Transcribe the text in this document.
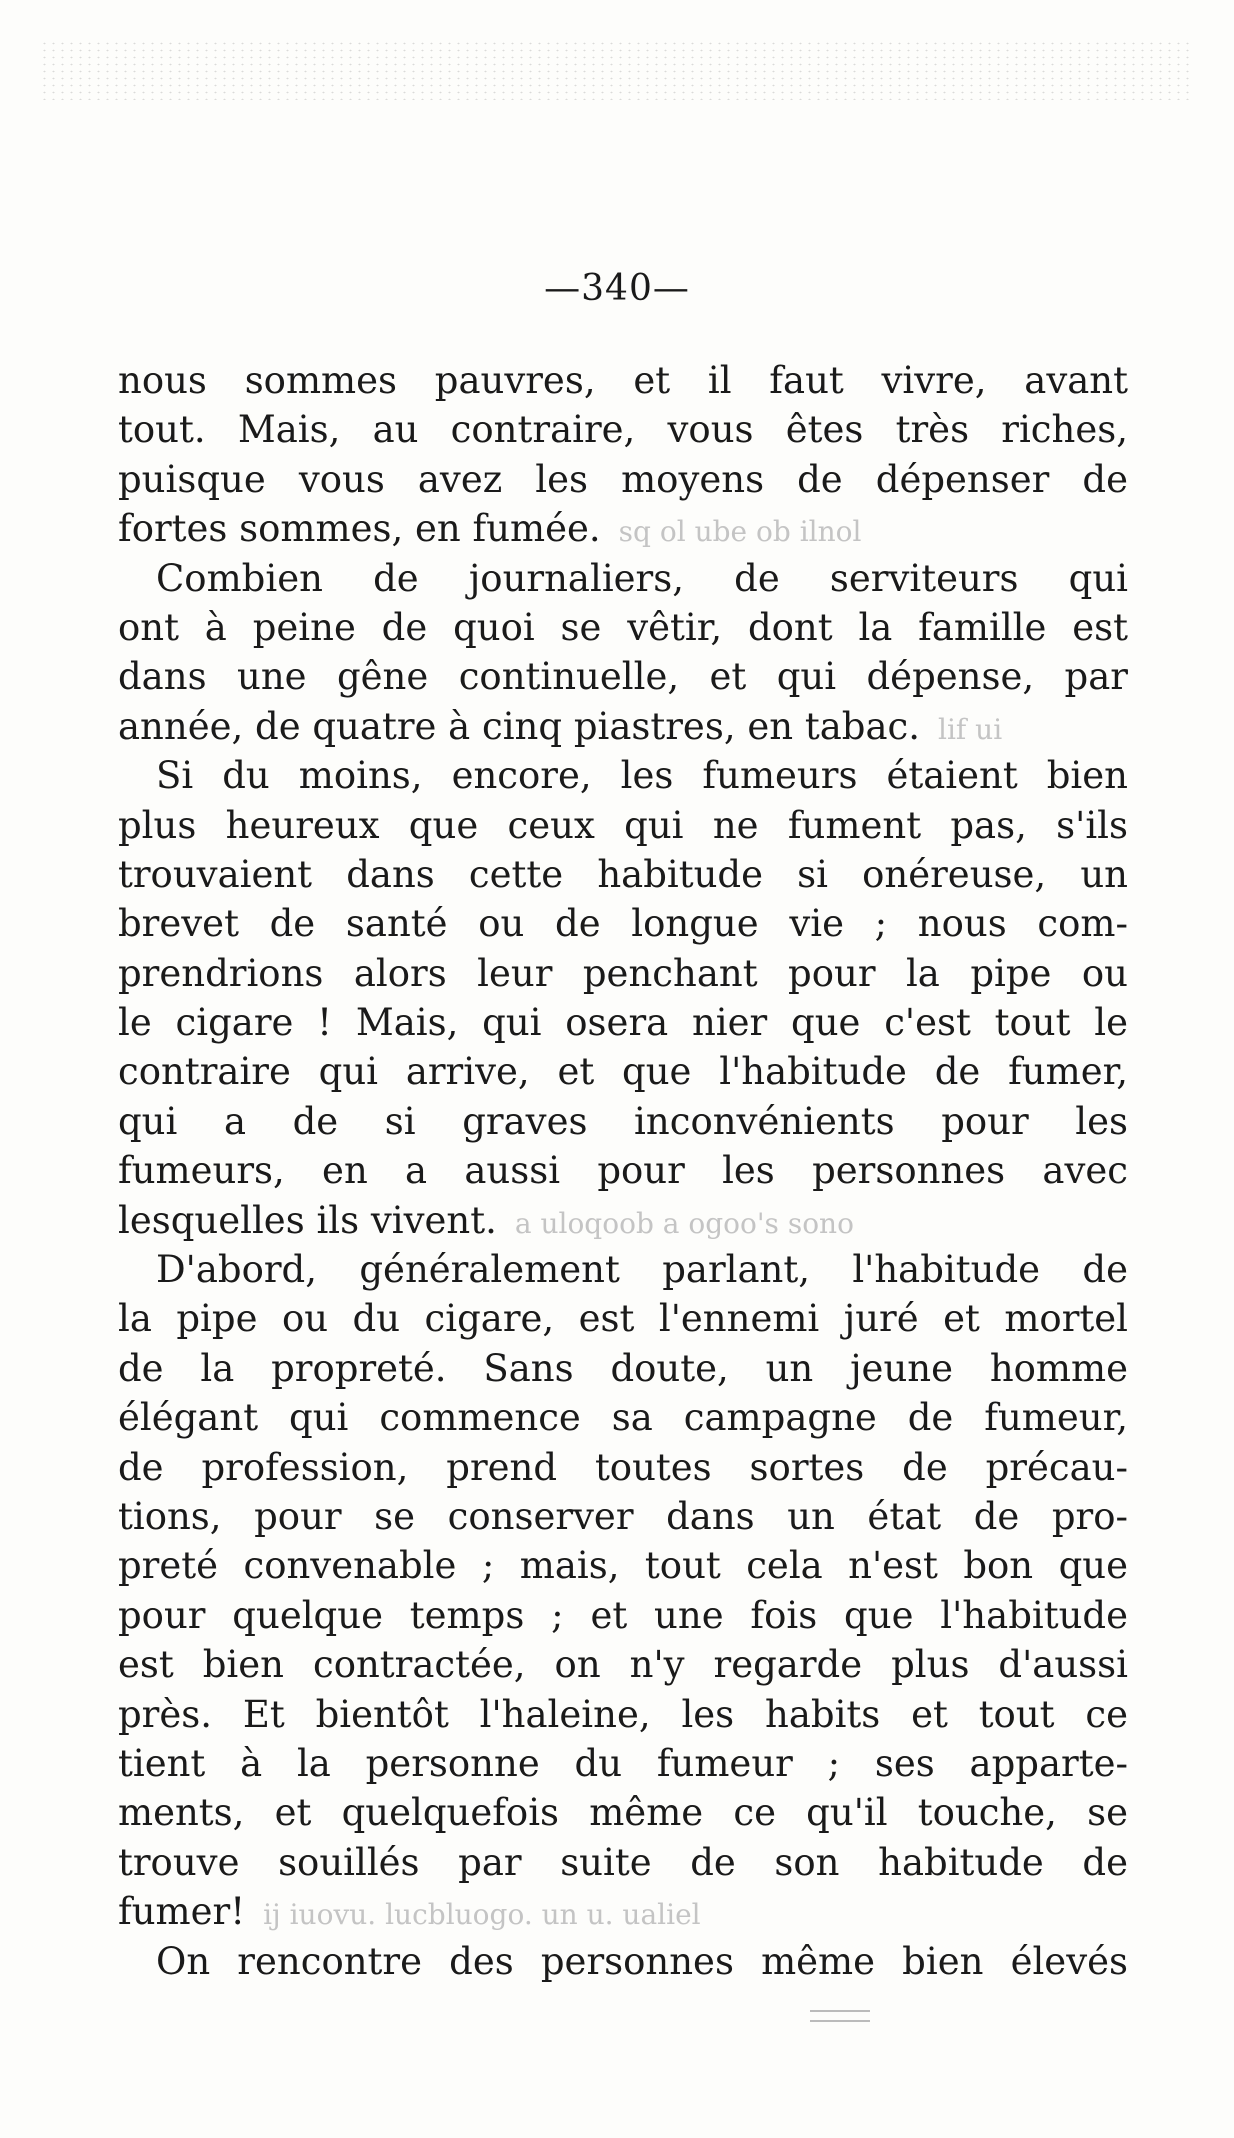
—340—
nous sommes pauvres, et il faut vivre, avant
tout. Mais, au contraire, vous êtes très riches,
puisque vous avez les moyens de dépenser de
fortes sommes, en fumée. sq ol ube ob ilnol
Combien de journaliers, de serviteurs qui
ont à peine de quoi se vêtir, dont la famille est
dans une gêne continuelle, et qui dépense, par
année, de quatre à cinq piastres, en tabac. lif ui
Si du moins, encore, les fumeurs étaient bien
plus heureux que ceux qui ne fument pas, s'ils
trouvaient dans cette habitude si onéreuse, un
brevet de santé ou de longue vie ; nous com-
prendrions alors leur penchant pour la pipe ou
le cigare ! Mais, qui osera nier que c'est tout le
contraire qui arrive, et que l'habitude de fumer,
qui a de si graves inconvénients pour les
fumeurs, en a aussi pour les personnes avec
lesquelles ils vivent. a uloqoob a ogoo's sono
D'abord, généralement parlant, l'habitude de
la pipe ou du cigare, est l'ennemi juré et mortel
de la propreté. Sans doute, un jeune homme
élégant qui commence sa campagne de fumeur,
de profession, prend toutes sortes de précau-
tions, pour se conserver dans un état de pro-
preté convenable ; mais, tout cela n'est bon que
pour quelque temps ; et une fois que l'habitude
est bien contractée, on n'y regarde plus d'aussi
près. Et bientôt l'haleine, les habits et tout ce
tient à la personne du fumeur ; ses apparte-
ments, et quelquefois même ce qu'il touche, se
trouve souillés par suite de son habitude de
fumer! ij iuovu. lucbluogo. un u. ualiel
On rencontre des personnes même bien élevés
